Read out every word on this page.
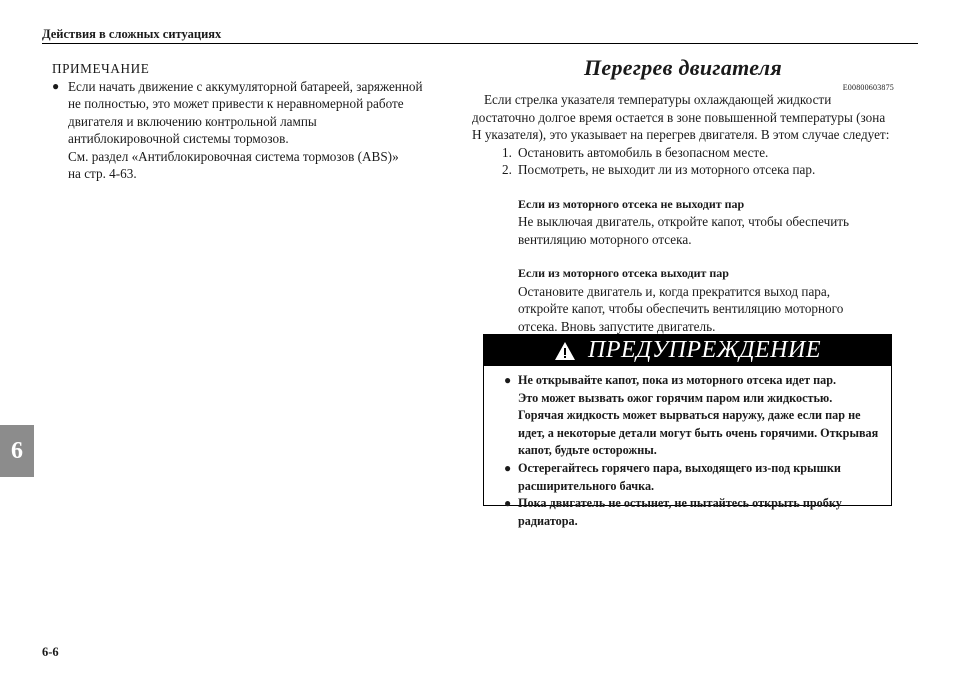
Действия в сложных ситуациях
6
ПРИМЕЧАНИЕ
● Если начать движение с аккумуляторной батареей, заряженной

не полностью, это может привести к неравномерной работе

двигателя и включению контрольной лампы

антиблокировочной системы тормозов.

См. раздел «Антиблокировочная система тормозов (ABS)»

на стр. 4-63.

Перегрев двигателя
E00800603875
Если стрелка указателя температуры охлаждающей жидкости достаточно долгое время остается в зоне повышенной температуры (зона H указателя), это указывает на перегрев двигателя. В этом случае следует:
1. Остановить автомобиль в безопасном месте.
2. Посмотреть, не выходит ли из моторного отсека пар.
Если из моторного отсека не выходит пар
Не выключая двигатель, откройте капот, чтобы обеспечить
вентиляцию моторного отсека.
Если из моторного отсека выходит пар
Остановите двигатель и, когда прекратится выход пара,
откройте капот, чтобы обеспечить вентиляцию моторного
отсека. Вновь запустите двигатель.
ПРЕДУПРЕЖДЕНИЕ
● Не открывайте капот, пока из моторного отсека идет пар.

Это может вызвать ожог горячим паром или жидкостью.

Горячая жидкость может вырваться наружу, даже если пар не

идет, а некоторые детали могут быть очень горячими. Открывая

капот, будьте осторожны.

● Остерегайтесь горячего пара, выходящего из-под крышки

расширительного бачка.

● Пока двигатель не остынет, не пытайтесь открыть пробку

радиатора.

6-6
